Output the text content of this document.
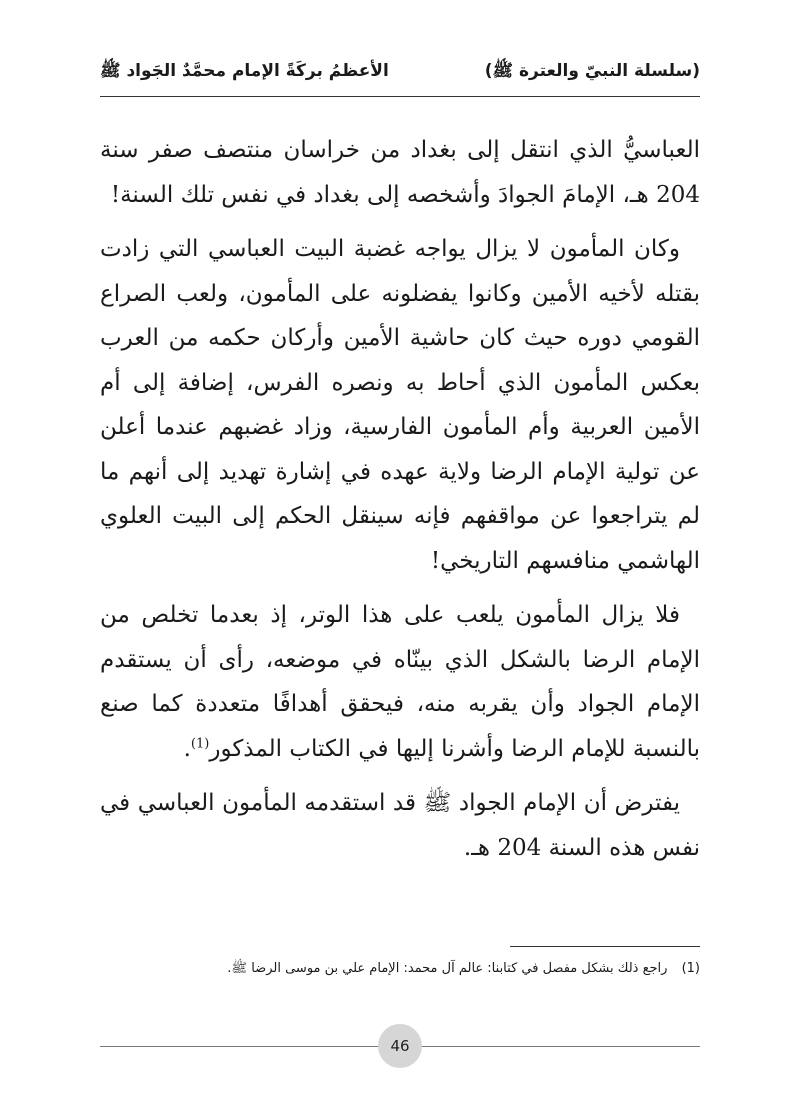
(سلسلة النبيّ والعترة ﷺ)
الأعظمُ بركَةً الإمام محمَّدٌ الجَواد ﷺ

العباسيُّ الذي انتقل إلى بغداد من خراسان منتصف صفر سنة 204 هـ، الإمامَ الجوادَ وأشخصه إلى بغداد في نفس تلك السنة!

وكان المأمون لا يزال يواجه غضبة البيت العباسي التي زادت بقتله لأخيه الأمين وكانوا يفضلونه على المأمون، ولعب الصراع القومي دوره حيث كان حاشية الأمين وأركان حكمه من العرب بعكس المأمون الذي أحاط به ونصره الفرس، إضافة إلى أم الأمين العربية وأم المأمون الفارسية، وزاد غضبهم عندما أعلن عن تولية الإمام الرضا ولاية عهده في إشارة تهديد إلى أنهم ما لم يتراجعوا عن مواقفهم فإنه سينقل الحكم إلى البيت العلوي الهاشمي منافسهم التاريخي!

فلا يزال المأمون يلعب على هذا الوتر، إذ بعدما تخلص من الإمام الرضا بالشكل الذي بينّاه في موضعه، رأى أن يستقدم الإمام الجواد وأن يقربه منه، فيحقق أهدافًا متعددة كما صنع بالنسبة للإمام الرضا وأشرنا إليها في الكتاب المذكور$^{(1)}$.

يفترض أن الإمام الجواد ﷺ قد استقدمه المأمون العباسي في نفس هذه السنة 204 هـ.

(1) راجع ذلك بشكل مفصل في كتابنا: عالم آل محمد: الإمام علي بن موسى الرضا ﷺ.
46
